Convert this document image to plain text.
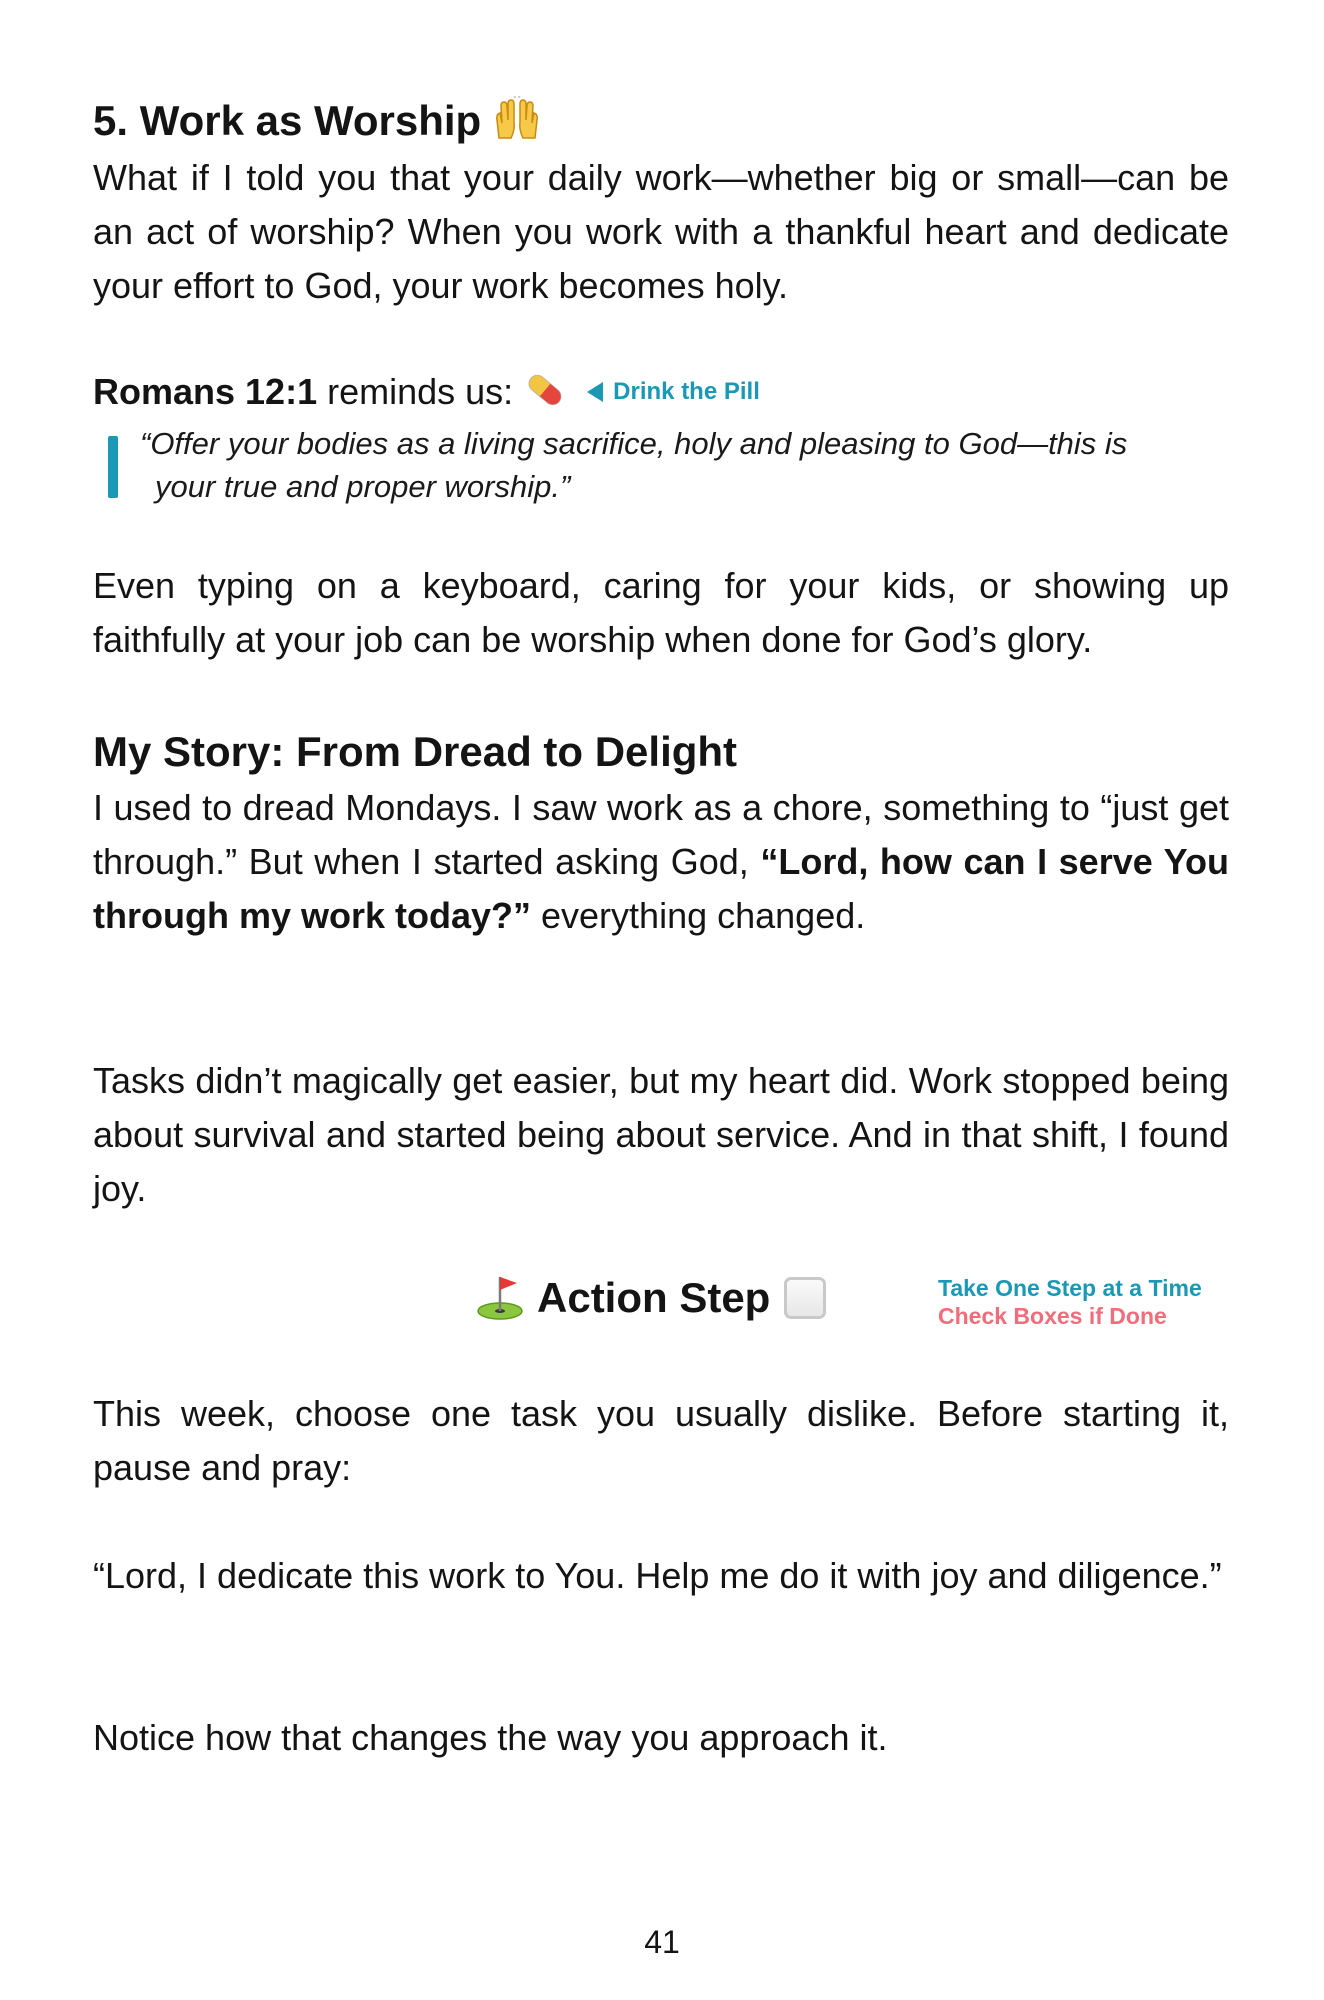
5. Work as Worship

What if I told you that your daily work—whether big or small—can be an act of worship? When you work with a thankful heart and dedicate your effort to God, your work becomes holy.

Romans 12:1 reminds us:	Drink the Pill
“Offer your bodies as a living sacrifice, holy and pleasing to God—this is
your true and proper worship.”

Even typing on a keyboard, caring for your kids, or showing up faithfully at your job can be worship when done for God’s glory.

My Story: From Dread to Delight

I used to dread Mondays. I saw work as a chore, something to “just get through.” But when I started asking God, “Lord, how can I serve You through my work today?” everything changed.

Tasks didn’t magically get easier, but my heart did. Work stopped being about survival and started being about service. And in that shift, I found joy.

Action Step	Take One Step at a Time
Check Boxes if Done

This week, choose one task you usually dislike. Before starting it, pause and pray:

“Lord, I dedicate this work to You. Help me do it with joy and diligence.”

Notice how that changes the way you approach it.

41
